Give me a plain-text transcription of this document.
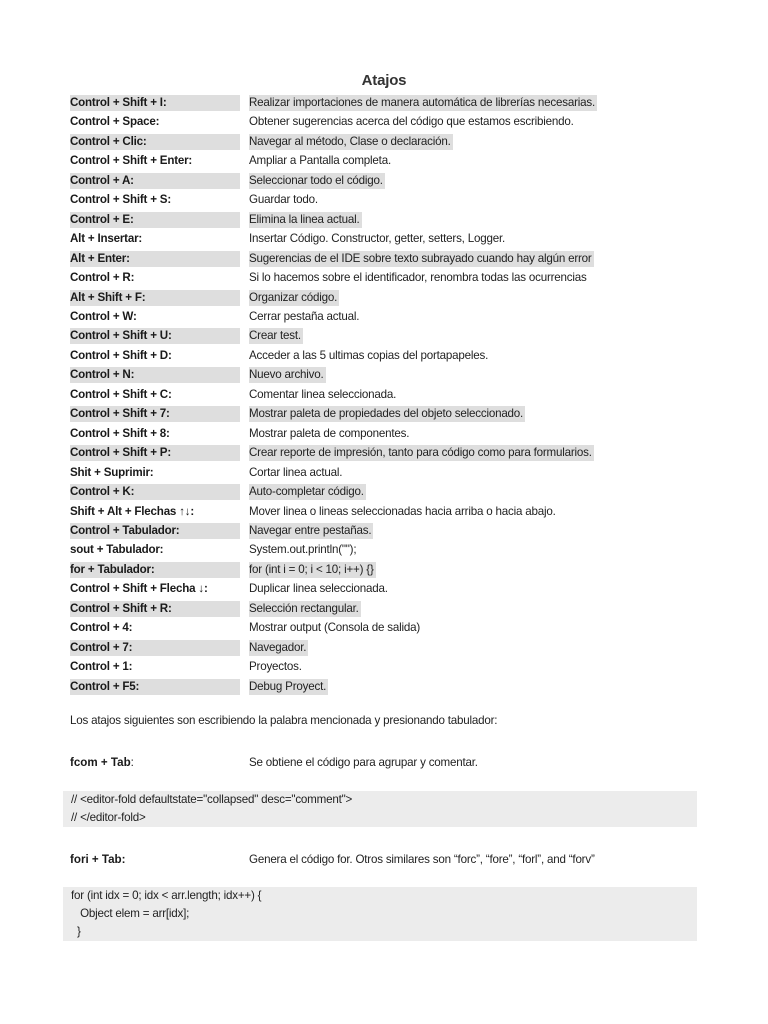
Atajos
Control + Shift + I:	Realizar importaciones de manera automática de librerías necesarias.
Control + Space:	Obtener sugerencias acerca del código que estamos escribiendo.
Control + Clic:	Navegar al método, Clase o declaración.
Control + Shift + Enter:	Ampliar a Pantalla completa.
Control + A:	Seleccionar todo el código.
Control + Shift + S:	Guardar todo.
Control + E:	Elimina la linea actual.
Alt + Insertar:	Insertar Código. Constructor, getter, setters, Logger.
Alt + Enter:	Sugerencias de el IDE sobre texto subrayado cuando hay algún error
Control + R:	Si lo hacemos sobre el identificador, renombra todas las ocurrencias
Alt + Shift + F:	Organizar código.
Control + W:	Cerrar pestaña actual.
Control + Shift + U:	Crear test.
Control + Shift + D:	Acceder a las 5 ultimas copias del portapapeles.
Control + N:	Nuevo archivo.
Control + Shift + C:	Comentar linea seleccionada.
Control + Shift + 7:	Mostrar paleta de propiedades del objeto seleccionado.
Control + Shift + 8:	Mostrar paleta de componentes.
Control + Shift + P:	Crear reporte de impresión, tanto para código como para formularios.
Shit + Suprimir:	Cortar linea actual.
Control + K:	Auto-completar código.
Shift + Alt + Flechas ↑↓:	Mover linea o lineas seleccionadas hacia arriba o hacia abajo.
Control + Tabulador:	Navegar entre pestañas.
sout + Tabulador:	System.out.println("");
for + Tabulador:	for (int i = 0; i < 10; i++) {}
Control + Shift + Flecha ↓:	Duplicar linea seleccionada.
Control + Shift + R:	Selección rectangular.
Control + 4:	Mostrar output (Consola de salida)
Control + 7:	Navegador.
Control + 1:	Proyectos.
Control + F5:	Debug Proyect.
Los atajos siguientes son escribiendo la palabra mencionada y presionando tabulador:
fcom + Tab:	Se obtiene el código para agrupar y comentar.
// <editor-fold defaultstate="collapsed" desc="comment">
// </editor-fold>
fori + Tab:	Genera el código for. Otros similares son “forc”, “fore”, “forl”, and “forv”
for (int idx = 0; idx < arr.length; idx++) {
Object elem = arr[idx];
}
